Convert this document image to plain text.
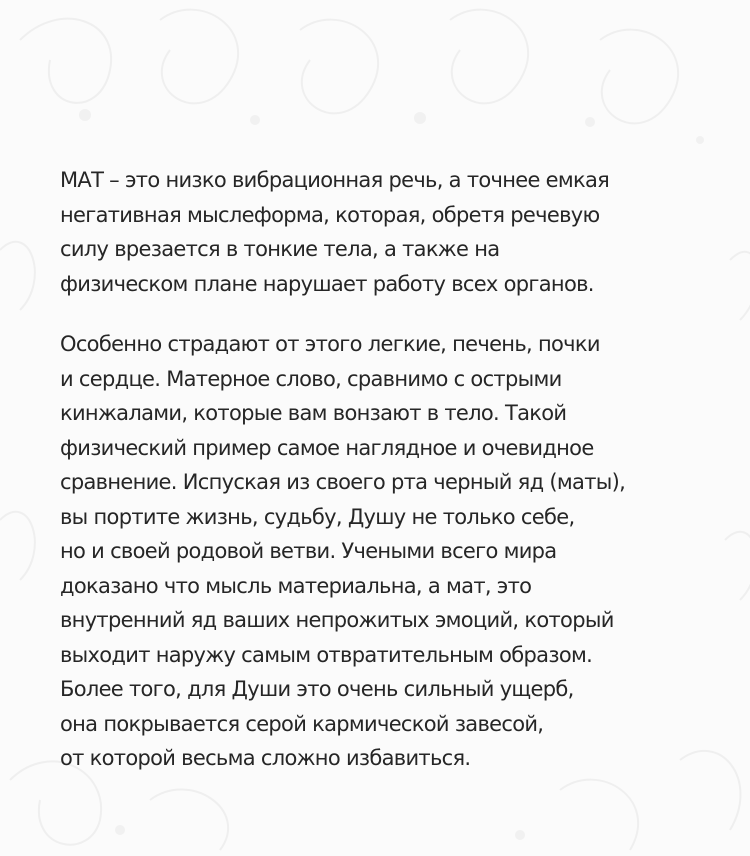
МАТ – это низко вибрационная речь, а точнее емкая
негативная мыслеформа, которая, обретя речевую
силу врезается в тонкие тела, а также на
физическом плане нарушает работу всех органов.

Особенно страдают от этого легкие, печень, почки
и сердце. Матерное слово, сравнимо с острыми
кинжалами, которые вам вонзают в тело. Такой
физический пример самое наглядное и очевидное
сравнение. Испуская из своего рта черный яд (маты),
вы портите жизнь, судьбу, Душу не только себе,
но и своей родовой ветви. Учеными всего мира
доказано что мысль материальна, а мат, это
внутренний яд ваших непрожитых эмоций, который
выходит наружу самым отвратительным образом.
Более того, для Души это очень сильный ущерб,
она покрывается серой кармической завесой,
от которой весьма сложно избавиться.
